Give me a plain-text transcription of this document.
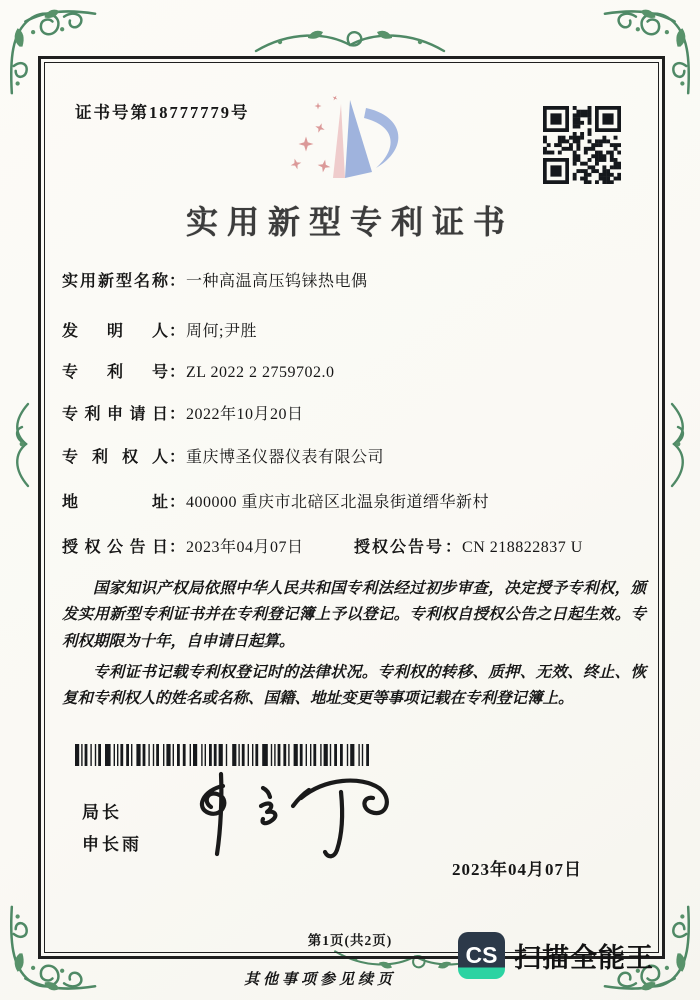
证书号第18777779号
实用新型专利证书
实用新型名称：一种高温高压钨铼热电偶
发明人：周何;尹胜
专利号：ZL 2022 2 2759702.0
专利申请日：2022年10月20日
专利权人：重庆博圣仪器仪表有限公司
地址：400000 重庆市北碚区北温泉街道缙华新村
授权公告日：2023年04月07日	授权公告号：CN 218822837 U

国家知识产权局依照中华人民共和国专利法经过初步审查，决定授予专利权，颁发实用新型专利证书并在专利登记簿上予以登记。专利权自授权公告之日起生效。专利权期限为十年，自申请日起算。

专利证书记载专利权登记时的法律状况。专利权的转移、质押、无效、终止、恢复和专利权人的姓名或名称、国籍、地址变更等事项记载在专利登记簿上。

局长
申长雨
2023年04月07日
第1页(共2页)
其他事项参见续页
CS 扫描全能王
